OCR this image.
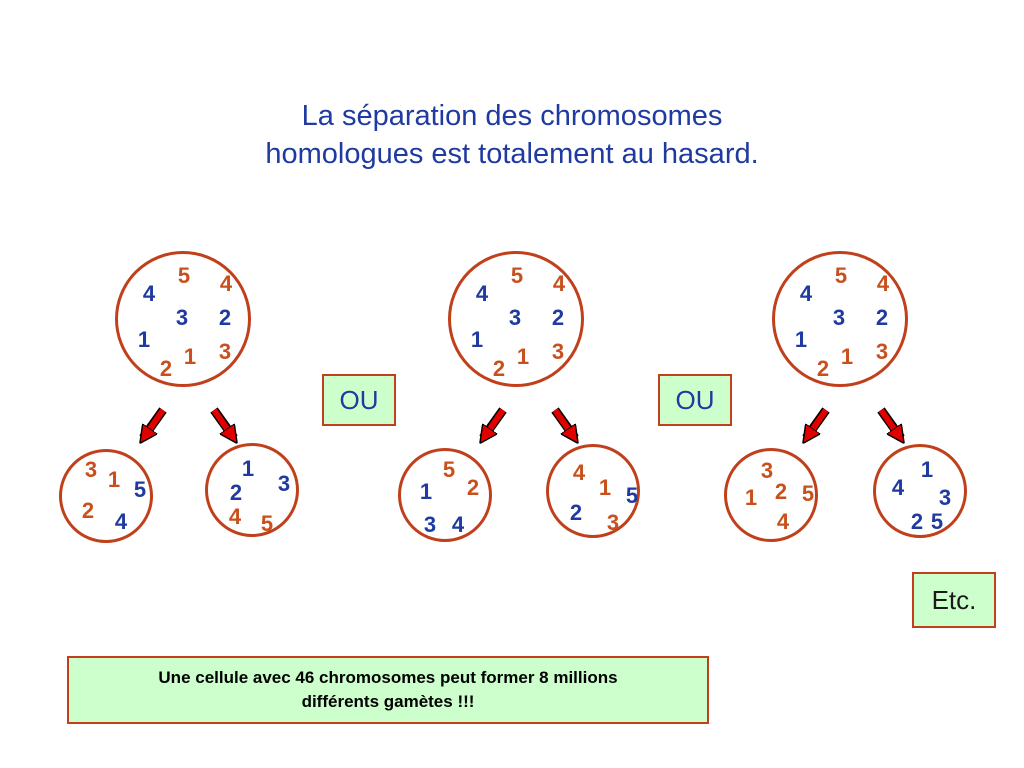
La séparation des chromosomes
homologues est totalement au hasard.
5 4
4
3 2
1	3
1
2
3 1 5
2 4
1
2 3
4 5
OU
5 4
4
3 2
1	3
1
2
5
1 2
3 4
4
1 5
2 3
OU
5 4
4
3 2
1	3
1
2
3
1 2 5
4
1
4 3
2 5
Etc.
Une cellule avec 46 chromosomes peut former 8 millions
différents gamètes !!!
